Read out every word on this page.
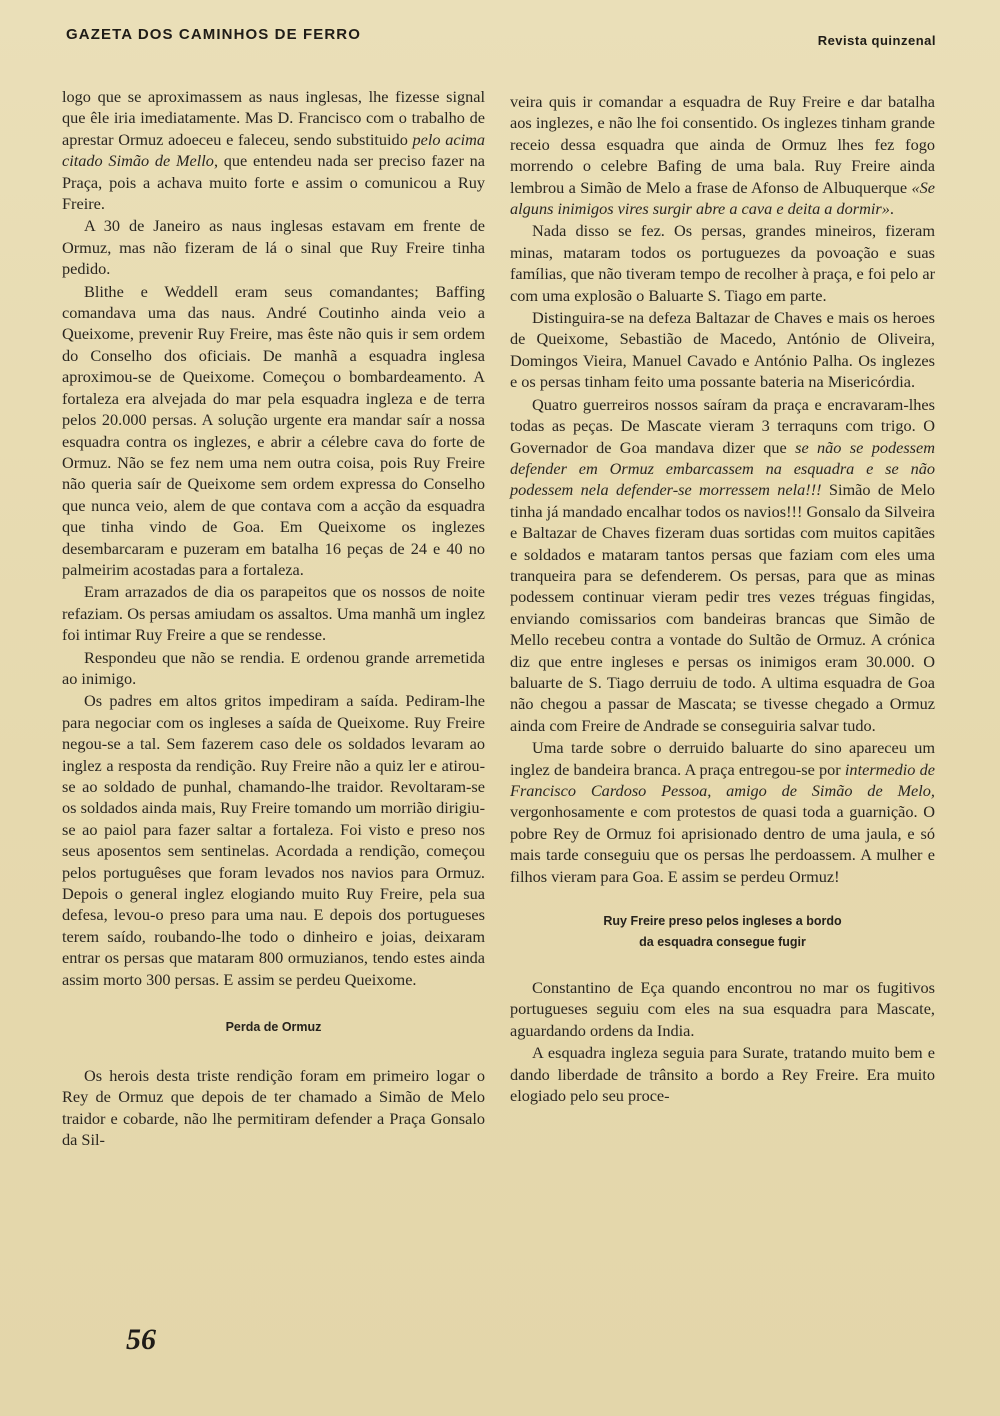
GAZETA DOS CAMINHOS DE FERRO	Revista quinzenal

logo que se aproximassem as naus inglesas, lhe fizesse signal que êle iria imediatamente. Mas D. Francisco com o trabalho de aprestar Ormuz adoeceu e faleceu, sendo substituido pelo acima citado Simão de Mello, que entendeu nada ser preciso fazer na Praça, pois a achava muito forte e assim o comunicou a Ruy Freire.

A 30 de Janeiro as naus inglesas estavam em frente de Ormuz, mas não fizeram de lá o sinal que Ruy Freire tinha pedido.

Blithe e Weddell eram seus comandantes; Baffing comandava uma das naus. André Coutinho ainda veio a Queixome, prevenir Ruy Freire, mas êste não quis ir sem ordem do Conselho dos oficiais. De manhã a esquadra inglesa aproximou-se de Queixome. Começou o bombardeamento. A fortaleza era alvejada do mar pela esquadra ingleza e de terra pelos 20.000 persas. A solução urgente era mandar saír a nossa esquadra contra os inglezes, e abrir a célebre cava do forte de Ormuz. Não se fez nem uma nem outra coisa, pois Ruy Freire não queria saír de Queixome sem ordem expressa do Conselho que nunca veio, alem de que contava com a acção da esquadra que tinha vindo de Goa. Em Queixome os inglezes desembarcaram e puzeram em batalha 16 peças de 24 e 40 no palmeirim acostadas para a fortaleza.

Eram arrazados de dia os parapeitos que os nossos de noite refaziam. Os persas amiudam os assaltos. Uma manhã um inglez foi intimar Ruy Freire a que se rendesse.

Respondeu que não se rendia. E ordenou grande arremetida ao inimigo.

Os padres em altos gritos impediram a saída. Pediram-lhe para negociar com os ingleses a saída de Queixome. Ruy Freire negou-se a tal. Sem fazerem caso dele os soldados levaram ao inglez a resposta da rendição. Ruy Freire não a quiz ler e atirou-se ao soldado de punhal, chamando-lhe traidor. Revoltaram-se os soldados ainda mais, Ruy Freire tomando um morrião dirigiu-se ao paiol para fazer saltar a fortaleza. Foi visto e preso nos seus aposentos sem sentinelas. Acordada a rendição, começou pelos portuguêses que foram levados nos navios para Ormuz. Depois o general inglez elogiando muito Ruy Freire, pela sua defesa, levou-o preso para uma nau. E depois dos portugueses terem saído, roubando-lhe todo o dinheiro e joias, deixaram entrar os persas que mataram 800 ormuzianos, tendo estes ainda assim morto 300 persas. E assim se perdeu Queixome.

Perda de Ormuz

Os herois desta triste rendição foram em primeiro logar o Rey de Ormuz que depois de ter chamado a Simão de Melo traidor e cobarde, não lhe permitiram defender a Praça Gonsalo da Sil-

veira quis ir comandar a esquadra de Ruy Freire e dar batalha aos inglezes, e não lhe foi consentido. Os inglezes tinham grande receio dessa esquadra que ainda de Ormuz lhes fez fogo morrendo o celebre Bafing de uma bala. Ruy Freire ainda lembrou a Simão de Melo a frase de Afonso de Albuquerque «Se alguns inimigos vires surgir abre a cava e deita a dormir».

Nada disso se fez. Os persas, grandes mineiros, fizeram minas, mataram todos os portuguezes da povoação e suas famílias, que não tiveram tempo de recolher à praça, e foi pelo ar com uma explosão o Baluarte S. Tiago em parte.

Distinguira-se na defeza Baltazar de Chaves e mais os heroes de Queixome, Sebastião de Macedo, António de Oliveira, Domingos Vieira, Manuel Cavado e António Palha. Os inglezes e os persas tinham feito uma possante bateria na Misericórdia.

Quatro guerreiros nossos saíram da praça e encravaram-lhes todas as peças. De Mascate vieram 3 terraquns com trigo. O Governador de Goa mandava dizer que se não se podessem defender em Ormuz embarcassem na esquadra e se não podessem nela defender-se morressem nela!!! Simão de Melo tinha já mandado encalhar todos os navios!!! Gonsalo da Silveira e Baltazar de Chaves fizeram duas sortidas com muitos capitães e soldados e mataram tantos persas que faziam com eles uma tranqueira para se defenderem. Os persas, para que as minas podessem continuar vieram pedir tres vezes tréguas fingidas, enviando comissarios com bandeiras brancas que Simão de Mello recebeu contra a vontade do Sultão de Ormuz. A crónica diz que entre ingleses e persas os inimigos eram 30.000. O baluarte de S. Tiago derruiu de todo. A ultima esquadra de Goa não chegou a passar de Mascata; se tivesse chegado a Ormuz ainda com Freire de Andrade se conseguiria salvar tudo.

Uma tarde sobre o derruido baluarte do sino apareceu um inglez de bandeira branca. A praça entregou-se por intermedio de Francisco Cardoso Pessoa, amigo de Simão de Melo, vergonhosamente e com protestos de quasi toda a guarnição. O pobre Rey de Ormuz foi aprisionado dentro de uma jaula, e só mais tarde conseguiu que os persas lhe perdoassem. A mulher e filhos vieram para Goa. E assim se perdeu Ormuz!

Ruy Freire preso pelos ingleses a bordo
da esquadra consegue fugir

Constantino de Eça quando encontrou no mar os fugitivos portugueses seguiu com eles na sua esquadra para Mascate, aguardando ordens da India.

A esquadra ingleza seguia para Surate, tratando muito bem e dando liberdade de trânsito a bordo a Rey Freire. Era muito elogiado pelo seu proce-

56
